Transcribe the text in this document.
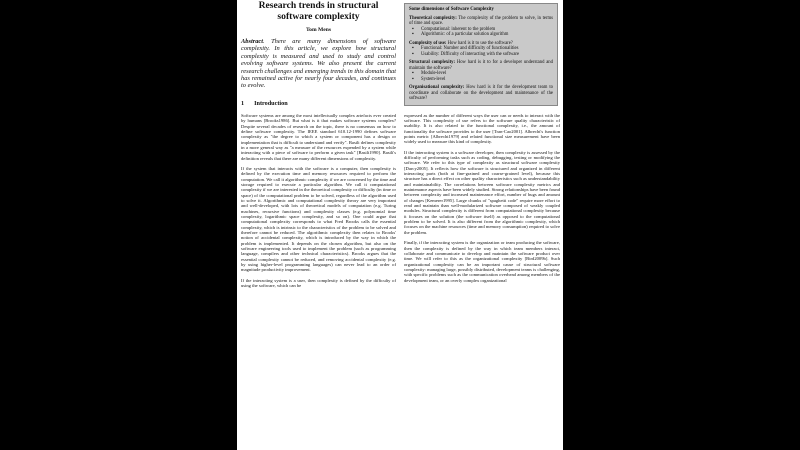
Research trends in structural software complexity
Tom Mens
Abstract. There are many dimensions of software complexity. In this article, we explore how structural complexity is measured and used to study and control evolving software systems. We also present the current research challenges and emerging trends in this domain that has remained active for nearly four decades, and continues to evolve.
1 Introduction

Software systems are among the most intellectually complex artefacts ever created by humans [Brooks1986]. But what is it that makes software systems complex? Despite several decades of research on the topic, there is no consensus on how to define software complexity. The IEEE standard 610.12-1990 defines software complexity as "the degree to which a system or component has a design or implementation that is difficult to understand and verify". Basili defines complexity in a more general way as "a measure of the resources expended by a system while interacting with a piece of software to perform a given task" [Basili1990]. Basili's definition reveals that there are many different dimensions of complexity.

If the system that interacts with the software is a computer, then complexity is defined by the execution time and memory resources required to perform the computation. We call it algorithmic complexity if we are concerned by the time and storage required to execute a particular algorithm. We call it computational complexity if we are interested in the theoretical complexity or difficulty (in time or space) of the computational problem to be solved, regardless of the algorithm used to solve it. Algorithmic and computational complexity theory are very important and well-developed, with lots of theoretical models of computation (e.g. Turing machines, recursive functions) and complexity classes (e.g. polynomial time complexity, logarithmic space complexity, and so on). One could argue that computational complexity corresponds to what Fred Brooks calls the essential complexity, which is intrinsic to the characteristics of the problem to be solved and therefore cannot be reduced. The algorithmic complexity then relates to Brooks' notion of accidental complexity, which is introduced by the way in which the problem is implemented. It depends on the chosen algorithm, but also on the software engineering tools used to implement the problem (such as programming language, compilers and other technical characteristics). Brooks argues that the essential complexity cannot be reduced, and removing accidental complexity (e.g. by using higher-level programming languages) can never lead to an order of magnitude productivity improvement.

If the interacting system is a user, then complexity is defined by the difficulty of using the software, which can be

Some dimensions of Software Complexity
Theoretical complexity: The complexity of the problem to solve, in terms of time and space.
▪ Computational: inherent to the problem
▪ Algorithmic: of a particular solution algorithm
Complexity of use: How hard is it to use the software?
▪ Functional: Number and difficulty of functionalities
▪ Usability: Difficulty of interacting with the software
Structural complexity: How hard is it to for a developer understand and maintain the software?
▪ Module-level
▪ System-level
Organisational complexity: How hard is it for the development team to coordinate and collaborate on the development and maintenance of the software?

expressed as the number of different ways the user can or needs to interact with the software. This complexity of use refers to the software quality characteristic of usability. It is also related to the functional complexity, i.e., the amount of functionality the software provides to the user [Tran-Cao2001]. Albrecht's function points metric [Albrecht1979] and related functional size measurement have been widely used to measure this kind of complexity.

If the interacting system is a software developer, then complexity is assessed by the difficulty of performing tasks such as coding, debugging, testing or modifying the software. We refer to this type of complexity as structural software complexity [Darcy2005]. It reflects how the software is structured and organized in different interacting parts (both at fine-grained and coarse-grained level), because this structure has a direct effect on other quality characteristics such as understandability and maintainability. The correlations between software complexity metrics and maintenance aspects have been widely studied. Strong relationships have been found between complexity and increased maintenance effort, number of bugs and amount of changes [Kemerer1995]. Large chunks of "spaghetti code" require more effort to read and maintain than well-modularized software composed of weakly coupled modules. Structural complexity is different from computational complexity because it focuses on the solution (the software itself) as opposed to the computational problem to be solved. It is also different from the algorithmic complexity, which focuses on the machine resources (time and memory consumption) required to solve the problem.

Finally, if the interacting system is the organization or team producing the software, then the complexity is defined by the way in which team members interact, collaborate and communicate to develop and maintain the software product over time. We will refer to this as the organizational complexity [Bird2009b]. Such organizational complexity can be an important cause of structural software complexity: managing large, possibly distributed, development teams is challenging, with specific problems such as the communication overhead among members of the development team, or an overly complex organizational
